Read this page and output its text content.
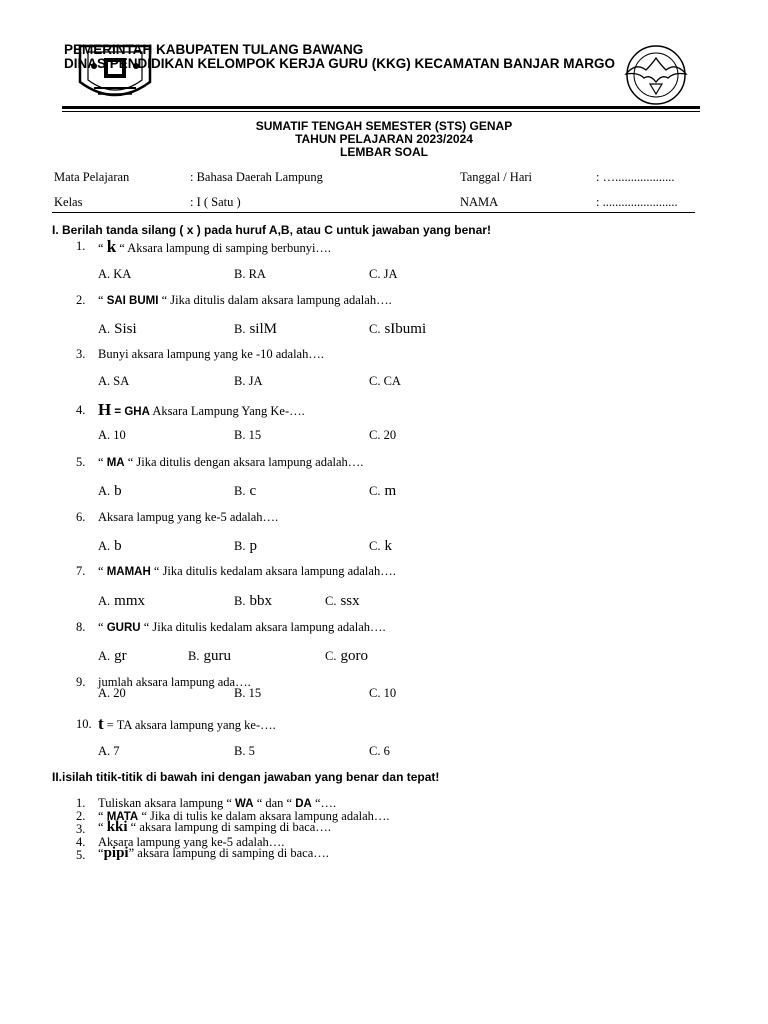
PEMERINTAH KABUPATEN TULANG BAWANG
DINAS PENDIDIKAN KELOMPOK KERJA GURU (KKG) KECAMATAN BANJAR MARGO
SUMATIF TENGAH SEMESTER (STS) GENAP
TAHUN PELAJARAN 2023/2024
LEMBAR SOAL
Mata Pelajaran	: Bahasa Daerah Lampung	Tanggal / Hari	: …...................
Kelas	: I ( Satu )	NAMA	: ........................
I. Berilah tanda silang ( x ) pada huruf A,B, atau C untuk jawaban yang benar!
1. “ k “ Aksara lampung di samping berbunyi….
A. KA	B. RA	C. JA
2. “ SAI BUMI “ Jika ditulis dalam aksara lampung adalah….
A. Sisi	B. silM	C. sIbumi
3. Bunyi aksara lampung yang ke -10 adalah….
A. SA	B. JA	C. CA
4. H = GHA Aksara Lampung Yang Ke-….
A. 10	B. 15	C. 20
5. “ MA “ Jika ditulis dengan aksara lampung adalah….
A. b	B. c	C. m
6. Aksara lampug yang ke-5 adalah….
A. b	B. p	C. k
7. “ MAMAH “ Jika ditulis kedalam aksara lampung adalah….
A. mmx	B. bbx	C. ssx
8. “ GURU “ Jika ditulis kedalam aksara lampung adalah….
A. gr	B. guru	C. goro
9. jumlah aksara lampung ada….
A. 20	B. 15	C. 10
10. t = TA aksara lampung yang ke-….
A. 7	B. 5	C. 6
II.isilah titik-titik di bawah ini dengan jawaban yang benar dan tepat!
1. Tuliskan aksara lampung “ WA “ dan “ DA “….
2. “ MATA “ Jika di tulis ke dalam aksara lampung adalah….
3. “ kki “ aksara lampung di samping di baca….
4. Aksara lampung yang ke-5 adalah….
5. “pipi” aksara lampung di samping di baca….
